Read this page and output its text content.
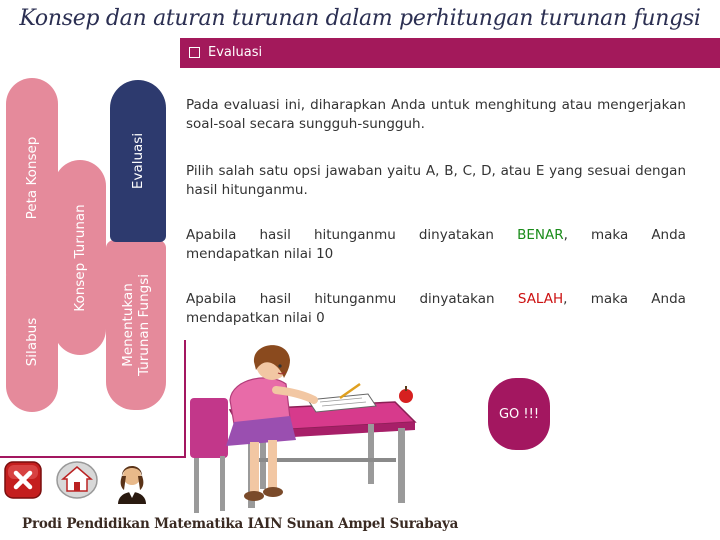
Konsep dan aturan turunan dalam perhitungan turunan fungsi
Evaluasi
Peta Konsep
Silabus
Konsep Turunan
Menentukan
Turunan Fungsi
Evaluasi

Pada evaluasi ini, diharapkan Anda untuk menghitung atau mengerjakan soal-soal secara sungguh-sungguh.

Pilih salah satu opsi jawaban yaitu A, B, C, D, atau E yang sesuai dengan hasil hitunganmu.

Apabila hasil hitunganmu dinyatakan BENAR, maka Anda
mendapatkan nilai 10

Apabila hasil hitunganmu dinyatakan SALAH, maka Anda
mendapatkan nilai 0

GO !!!
Prodi Pendidikan Matematika IAIN Sunan Ampel Surabaya
